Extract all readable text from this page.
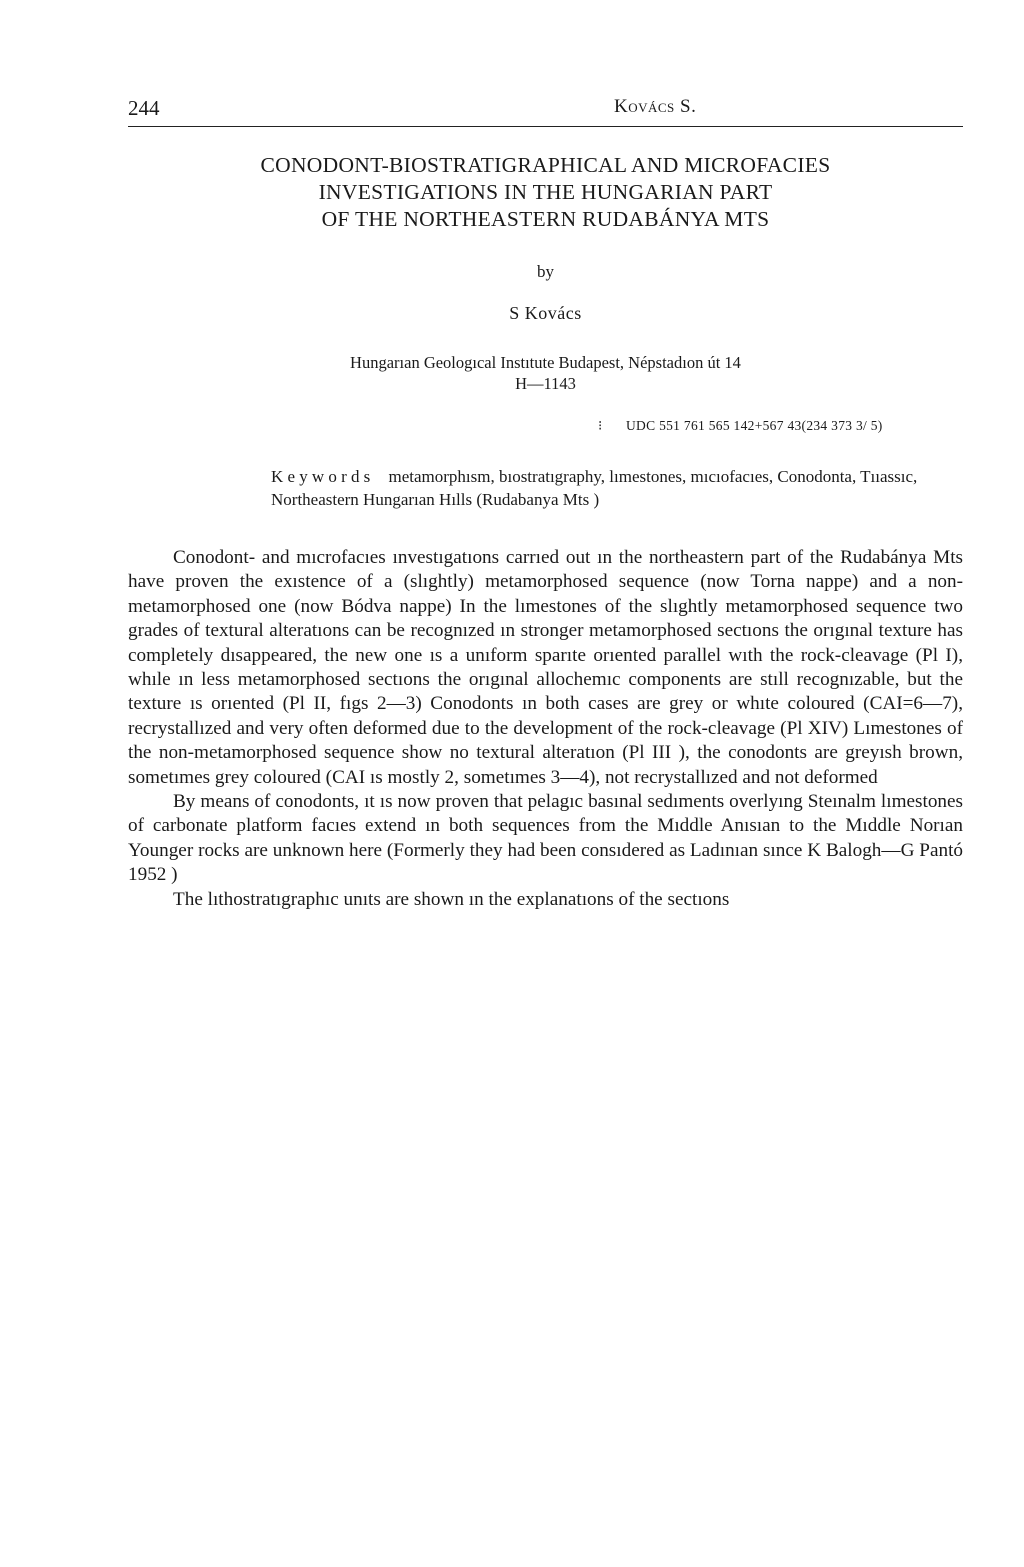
244	Kovács S.
CONODONT-BIOSTRATIGRAPHICAL AND MICROFACIES
INVESTIGATIONS IN THE HUNGARIAN PART
OF THE NORTHEASTERN RUDABÁNYA MTS
by
S Kovács
Hungarıan Geologıcal Instıtute Budapest, Népstadıon út 14
H—1143
⁝ UDC 551 761 565 142+567 43(234 373 3/ 5)
Keywords metamorphısm, bıostratıgraphy, lımestones, mıcıofacıes, Conodonta, Tııassıc, Northeastern Hungarıan Hılls (Rudabanya Mts )

Conodont- and mıcrofacıes ınvestıgatıons carrıed out ın the northeastern part of the Rudabánya Mts have proven the exıstence of a (slıghtly) metamorphosed sequence (now Torna nappe) and a non-metamorphosed one (now Bódva nappe) In the lımestones of the slıghtly metamorphosed sequence two grades of textural alteratıons can be recognızed ın stronger metamorphosed sectıons the orıgınal texture has completely dısappeared, the new one ıs a unıform sparıte orıented parallel wıth the rock-cleavage (Pl I), whıle ın less metamorphosed sectıons the orıgınal allochemıc components are stıll recognızable, but the texture ıs orıented (Pl II, fıgs 2—3) Conodonts ın both cases are grey or whıte coloured (CAI=6—7), recrystallızed and very often deformed due to the development of the rock-cleavage (Pl XIV) Lımestones of the non-metamorphosed sequence show no textural alteratıon (Pl III ), the conodonts are greyısh brown, sometımes grey coloured (CAI ıs mostly 2, sometımes 3—4), not recrystallızed and not deformed

By means of conodonts, ıt ıs now proven that pelagıc basınal sedıments overlyıng Steınalm lımestones of carbonate platform facıes extend ın both sequences from the Mıddle Anısıan to the Mıddle Norıan Younger rocks are unknown here (Formerly they had been consıdered as Ladınıan sınce K Balogh—G Pantó 1952 )

The lıthostratıgraphıc unıts are shown ın the explanatıons of the sectıons
